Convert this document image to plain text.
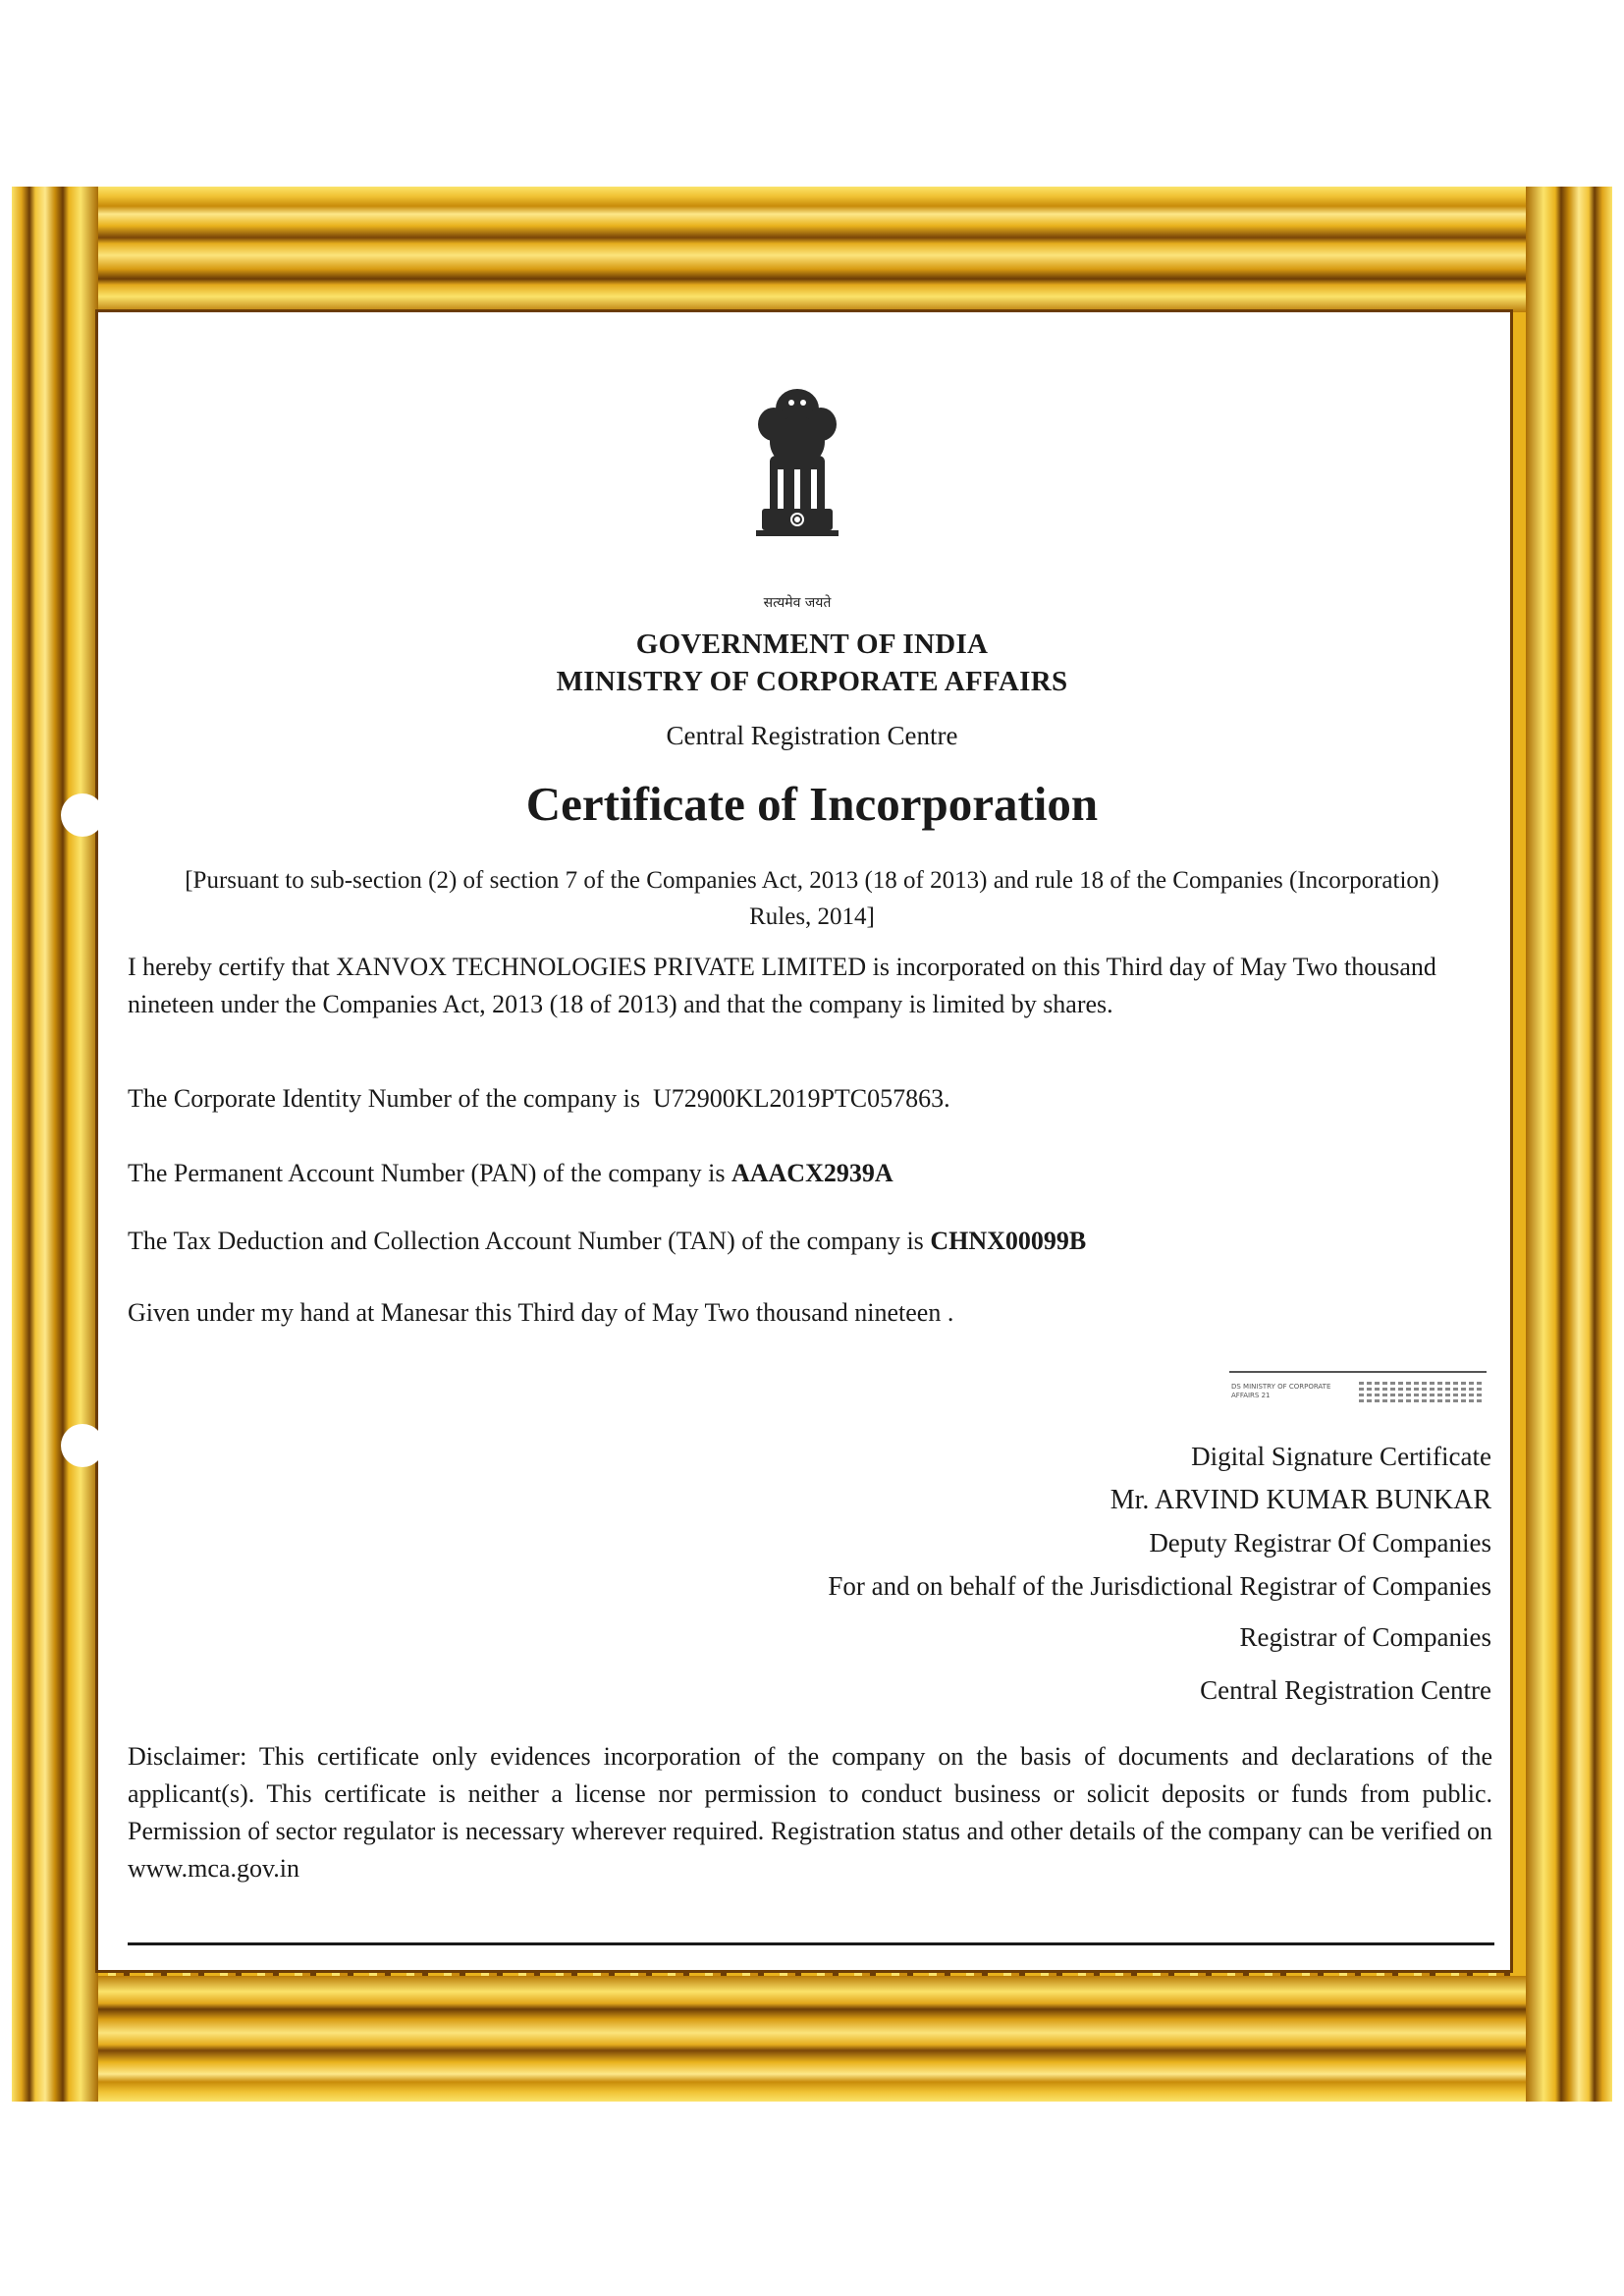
सत्यमेव जयते
GOVERNMENT OF INDIA
MINISTRY OF CORPORATE AFFAIRS
Central Registration Centre
Certificate of Incorporation
[Pursuant to sub-section (2) of section 7 of the Companies Act, 2013 (18 of 2013) and rule 18 of the Companies (Incorporation) Rules, 2014]
I hereby certify that XANVOX TECHNOLOGIES PRIVATE LIMITED is incorporated on this Third day of May Two thousand nineteen under the Companies Act, 2013 (18 of 2013) and that the company is limited by shares.
The Corporate Identity Number of the company is U72900KL2019PTC057863.
The Permanent Account Number (PAN) of the company is AAACX2939A
The Tax Deduction and Collection Account Number (TAN) of the company is CHNX00099B
Given under my hand at Manesar this Third day of May Two thousand nineteen .
DS MINISTRY OF CORPORATE AFFAIRS 21
Digital Signature Certificate
Mr. ARVIND KUMAR BUNKAR
Deputy Registrar Of Companies
For and on behalf of the Jurisdictional Registrar of Companies
Registrar of Companies
Central Registration Centre
Disclaimer: This certificate only evidences incorporation of the company on the basis of documents and declarations of the applicant(s). This certificate is neither a license nor permission to conduct business or solicit deposits or funds from public. Permission of sector regulator is necessary wherever required. Registration status and other details of the company can be verified on www.mca.gov.in
